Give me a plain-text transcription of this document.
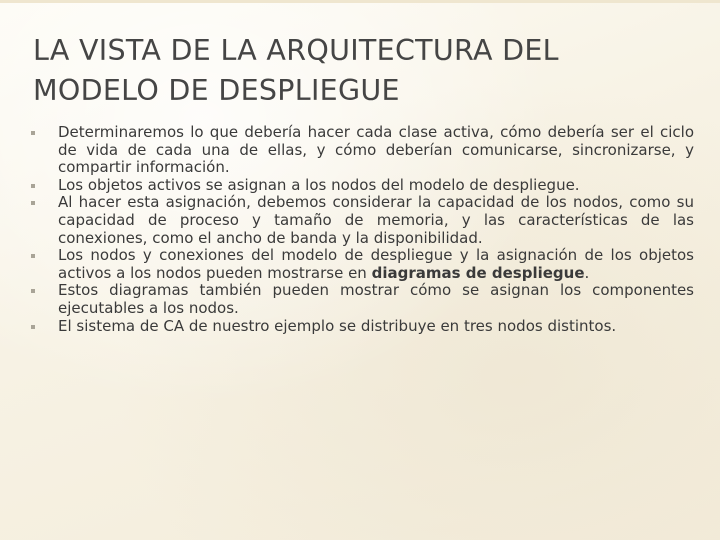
LA VISTA DE LA ARQUITECTURA DEL
MODELO DE DESPLIEGUE
Determinaremos lo que debería hacer cada clase activa, cómo debería ser el ciclo de vida de cada una de ellas, y cómo deberían comunicarse, sincronizarse, y compartir información.
Los objetos activos se asignan a los nodos del modelo de despliegue.
Al hacer esta asignación, debemos considerar la capacidad de los nodos, como su capacidad de proceso y tamaño de memoria, y las características de las conexiones, como el ancho de banda y la disponibilidad.
Los nodos y conexiones del modelo de despliegue y la asignación de los objetos activos a los nodos pueden mostrarse en diagramas de despliegue.
Estos diagramas también pueden mostrar cómo se asignan los componentes ejecutables a los nodos.
El sistema de CA de nuestro ejemplo se distribuye en tres nodos distintos.
